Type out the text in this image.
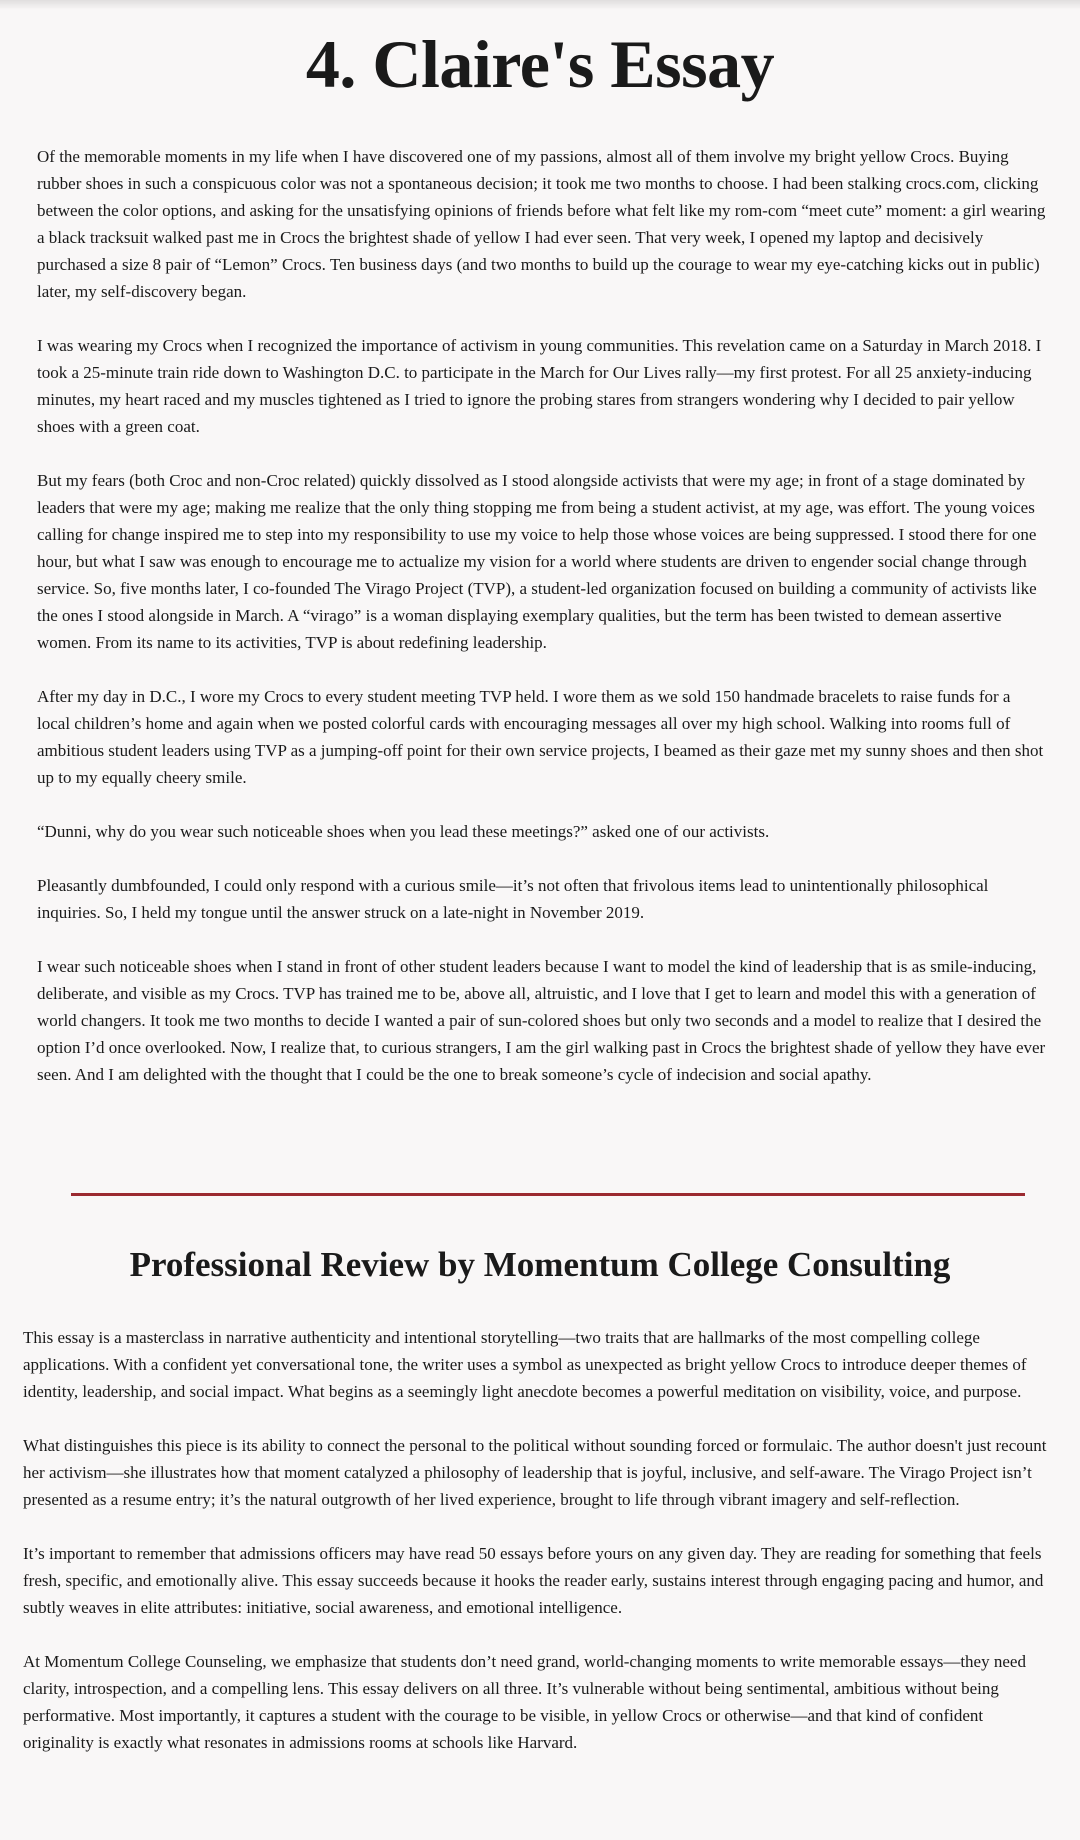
4. Claire's Essay

Of the memorable moments in my life when I have discovered one of my passions, almost all of them involve my bright yellow Crocs. Buying rubber shoes in such a conspicuous color was not a spontaneous decision; it took me two months to choose. I had been stalking crocs.com, clicking between the color options, and asking for the unsatisfying opinions of friends before what felt like my rom-com “meet cute” moment: a girl wearing a black tracksuit walked past me in Crocs the brightest shade of yellow I had ever seen. That very week, I opened my laptop and decisively purchased a size 8 pair of “Lemon” Crocs. Ten business days (and two months to build up the courage to wear my eye-catching kicks out in public) later, my self-discovery began.

I was wearing my Crocs when I recognized the importance of activism in young communities. This revelation came on a Saturday in March 2018. I took a 25-minute train ride down to Washington D.C. to participate in the March for Our Lives rally—my first protest. For all 25 anxiety-inducing minutes, my heart raced and my muscles tightened as I tried to ignore the probing stares from strangers wondering why I decided to pair yellow shoes with a green coat.

But my fears (both Croc and non-Croc related) quickly dissolved as I stood alongside activists that were my age; in front of a stage dominated by leaders that were my age; making me realize that the only thing stopping me from being a student activist, at my age, was effort. The young voices calling for change inspired me to step into my responsibility to use my voice to help those whose voices are being suppressed. I stood there for one hour, but what I saw was enough to encourage me to actualize my vision for a world where students are driven to engender social change through service. So, five months later, I co-founded The Virago Project (TVP), a student-led organization focused on building a community of activists like the ones I stood alongside in March. A “virago” is a woman displaying exemplary qualities, but the term has been twisted to demean assertive women. From its name to its activities, TVP is about redefining leadership.

After my day in D.C., I wore my Crocs to every student meeting TVP held. I wore them as we sold 150 handmade bracelets to raise funds for a local children’s home and again when we posted colorful cards with encouraging messages all over my high school. Walking into rooms full of ambitious student leaders using TVP as a jumping-off point for their own service projects, I beamed as their gaze met my sunny shoes and then shot up to my equally cheery smile.

“Dunni, why do you wear such noticeable shoes when you lead these meetings?” asked one of our activists.

Pleasantly dumbfounded, I could only respond with a curious smile—it’s not often that frivolous items lead to unintentionally philosophical inquiries. So, I held my tongue until the answer struck on a late-night in November 2019.

I wear such noticeable shoes when I stand in front of other student leaders because I want to model the kind of leadership that is as smile-inducing, deliberate, and visible as my Crocs. TVP has trained me to be, above all, altruistic, and I love that I get to learn and model this with a generation of world changers. It took me two months to decide I wanted a pair of sun-colored shoes but only two seconds and a model to realize that I desired the option I’d once overlooked. Now, I realize that, to curious strangers, I am the girl walking past in Crocs the brightest shade of yellow they have ever seen. And I am delighted with the thought that I could be the one to break someone’s cycle of indecision and social apathy.

Professional Review by Momentum College Consulting

This essay is a masterclass in narrative authenticity and intentional storytelling—two traits that are hallmarks of the most compelling college applications. With a confident yet conversational tone, the writer uses a symbol as unexpected as bright yellow Crocs to introduce deeper themes of identity, leadership, and social impact. What begins as a seemingly light anecdote becomes a powerful meditation on visibility, voice, and purpose.

What distinguishes this piece is its ability to connect the personal to the political without sounding forced or formulaic. The author doesn't just recount her activism—she illustrates how that moment catalyzed a philosophy of leadership that is joyful, inclusive, and self-aware. The Virago Project isn’t presented as a resume entry; it’s the natural outgrowth of her lived experience, brought to life through vibrant imagery and self-reflection.

It’s important to remember that admissions officers may have read 50 essays before yours on any given day. They are reading for something that feels fresh, specific, and emotionally alive. This essay succeeds because it hooks the reader early, sustains interest through engaging pacing and humor, and subtly weaves in elite attributes: initiative, social awareness, and emotional intelligence.

At Momentum College Counseling, we emphasize that students don’t need grand, world-changing moments to write memorable essays—they need clarity, introspection, and a compelling lens. This essay delivers on all three. It’s vulnerable without being sentimental, ambitious without being performative. Most importantly, it captures a student with the courage to be visible, in yellow Crocs or otherwise—and that kind of confident originality is exactly what resonates in admissions rooms at schools like Harvard.
